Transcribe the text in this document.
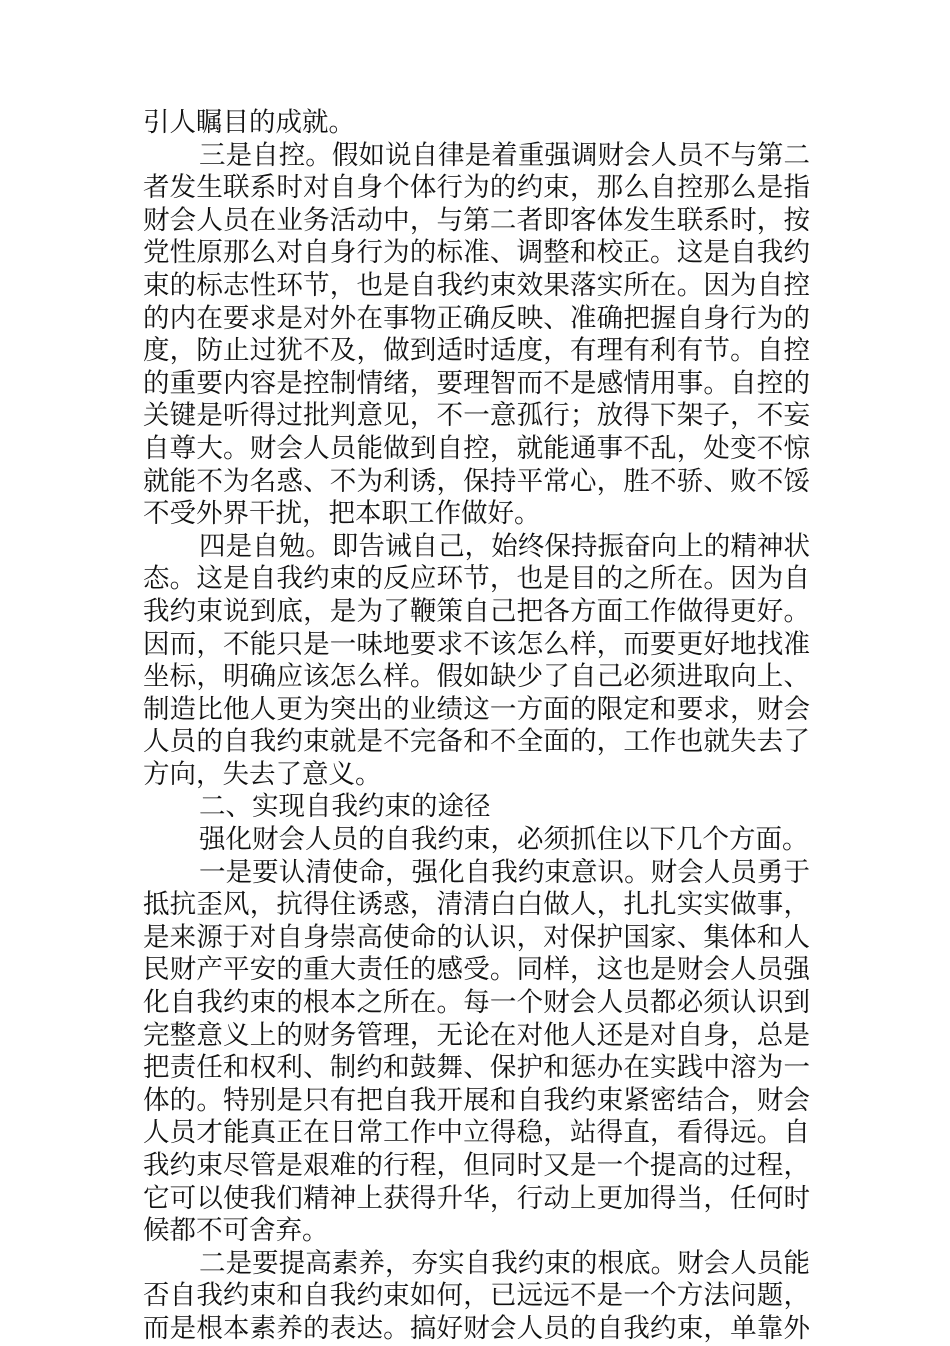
引人瞩目的成就。
三是自控。假如说自律是着重强调财会人员不与第二
者发生联系时对自身个体行为的约束，那么自控那么是指
财会人员在业务活动中，与第二者即客体发生联系时，按
党性原那么对自身行为的标准、调整和校正。这是自我约
束的标志性环节，也是自我约束效果落实所在。因为自控
的内在要求是对外在事物正确反映、准确把握自身行为的
度，防止过犹不及，做到适时适度，有理有利有节。自控
的重要内容是控制情绪，要理智而不是感情用事。自控的
关键是听得过批判意见，不一意孤行；放得下架子，不妄
自尊大。财会人员能做到自控，就能通事不乱，处变不惊
就能不为名惑、不为利诱，保持平常心，胜不骄、败不馁
不受外界干扰，把本职工作做好。
四是自勉。即告诫自己，始终保持振奋向上的精神状
态。这是自我约束的反应环节，也是目的之所在。因为自
我约束说到底，是为了鞭策自己把各方面工作做得更好。
因而，不能只是一味地要求不该怎么样，而要更好地找准
坐标，明确应该怎么样。假如缺少了自己必须进取向上、
制造比他人更为突出的业绩这一方面的限定和要求，财会
人员的自我约束就是不完备和不全面的，工作也就失去了
方向，失去了意义。
二、实现自我约束的途径
强化财会人员的自我约束，必须抓住以下几个方面。
一是要认清使命，强化自我约束意识。财会人员勇于
抵抗歪风，抗得住诱惑，清清白白做人，扎扎实实做事，
是来源于对自身崇高使命的认识，对保护国家、集体和人
民财产平安的重大责任的感受。同样，这也是财会人员强
化自我约束的根本之所在。每一个财会人员都必须认识到
完整意义上的财务管理，无论在对他人还是对自身，总是
把责任和权利、制约和鼓舞、保护和惩办在实践中溶为一
体的。特别是只有把自我开展和自我约束紧密结合，财会
人员才能真正在日常工作中立得稳，站得直，看得远。自
我约束尽管是艰难的行程，但同时又是一个提高的过程，
它可以使我们精神上获得升华，行动上更加得当，任何时
候都不可舍弃。
二是要提高素养，夯实自我约束的根底。财会人员能
否自我约束和自我约束如何，已远远不是一个方法问题，
而是根本素养的表达。搞好财会人员的自我约束，单靠外
